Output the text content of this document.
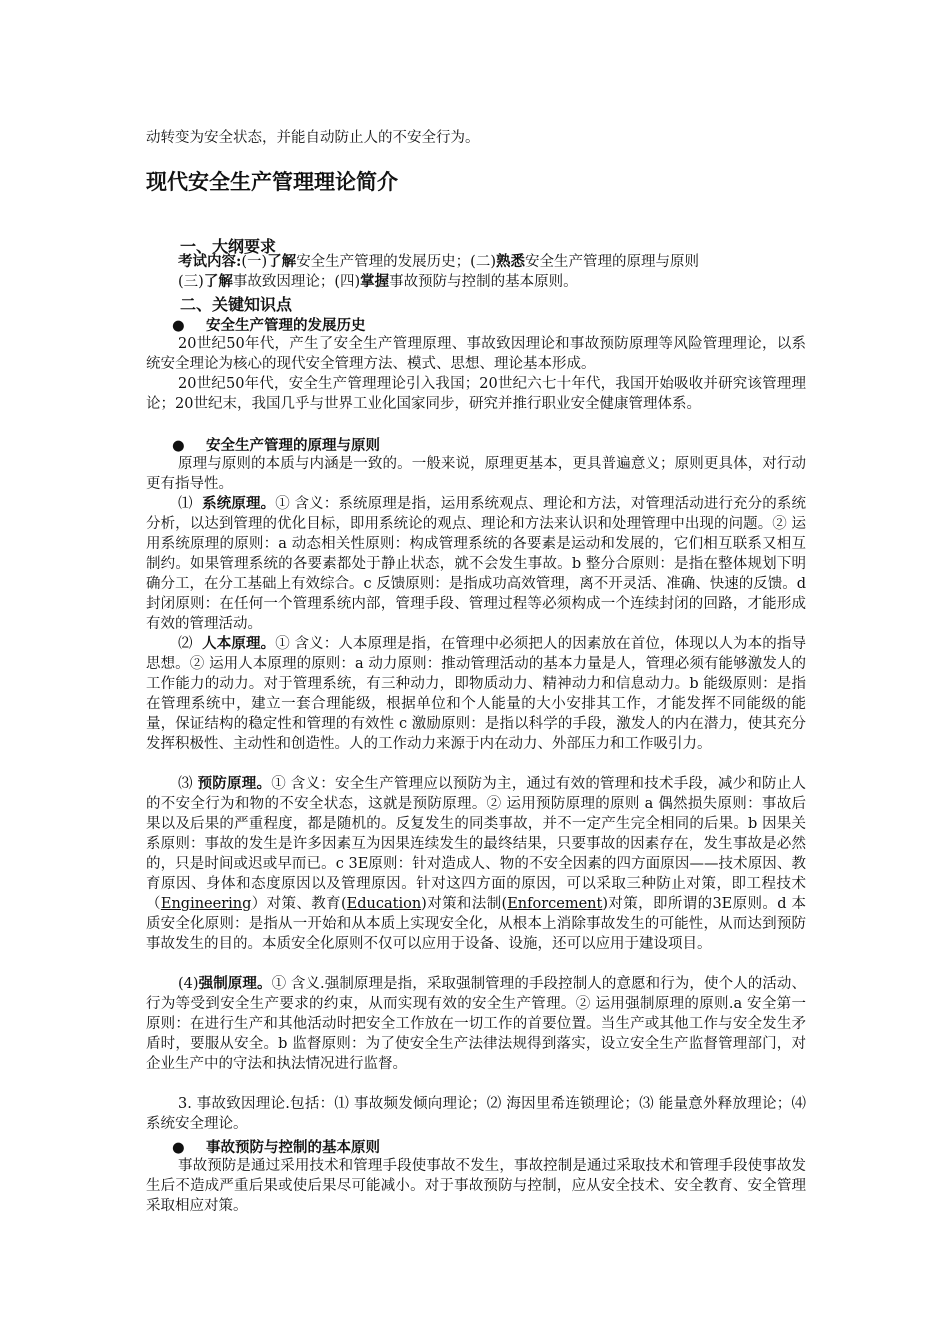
动转变为安全状态，并能自动防止人的不安全行为。
现代安全生产管理理论简介
一、大纲要求
考试内容:(一)了解安全生产管理的发展历史；(二)熟悉安全生产管理的原理与原则
(三)了解事故致因理论；(四)掌握事故预防与控制的基本原则。
二、关键知识点
● 安全生产管理的发展历史
20世纪50年代，产生了安全生产管理原理、事故致因理论和事故预防原理等风险管理理论，以系统安全理论为核心的现代安全管理方法、模式、思想、理论基本形成。
20世纪50年代，安全生产管理理论引入我国；20世纪六七十年代，我国开始吸收并研究该管理理论；20世纪末，我国几乎与世界工业化国家同步，研究并推行职业安全健康管理体系。
● 安全生产管理的原理与原则
原理与原则的本质与内涵是一致的。一般来说，原理更基本，更具普遍意义；原则更具体，对行动更有指导性。
⑴ 系统原理。① 含义：系统原理是指，运用系统观点、理论和方法，对管理活动进行充分的系统分析，以达到管理的优化目标，即用系统论的观点、理论和方法来认识和处理管理中出现的问题。② 运用系统原理的原则：a 动态相关性原则：构成管理系统的各要素是运动和发展的，它们相互联系又相互制约。如果管理系统的各要素都处于静止状态，就不会发生事故。b 整分合原则：是指在整体规划下明确分工，在分工基础上有效综合。c 反馈原则：是指成功高效管理，离不开灵活、准确、快速的反馈。d 封闭原则：在任何一个管理系统内部，管理手段、管理过程等必须构成一个连续封闭的回路，才能形成有效的管理活动。
⑵ 人本原理。① 含义：人本原理是指，在管理中必须把人的因素放在首位，体现以人为本的指导思想。② 运用人本原理的原则：a 动力原则：推动管理活动的基本力量是人，管理必须有能够激发人的工作能力的动力。对于管理系统，有三种动力，即物质动力、精神动力和信息动力。b 能级原则：是指在管理系统中，建立一套合理能级，根据单位和个人能量的大小安排其工作，才能发挥不同能级的能量，保证结构的稳定性和管理的有效性 c 激励原则：是指以科学的手段，激发人的内在潜力，使其充分发挥积极性、主动性和创造性。人的工作动力来源于内在动力、外部压力和工作吸引力。
⑶ 预防原理。① 含义：安全生产管理应以预防为主，通过有效的管理和技术手段，减少和防止人的不安全行为和物的不安全状态，这就是预防原理。② 运用预防原理的原则 a 偶然损失原则：事故后果以及后果的严重程度，都是随机的。反复发生的同类事故，并不一定产生完全相同的后果。b 因果关系原则：事故的发生是许多因素互为因果连续发生的最终结果，只要事故的因素存在，发生事故是必然的，只是时间或迟或早而已。c 3E原则：针对造成人、物的不安全因素的四方面原因——技术原因、教育原因、身体和态度原因以及管理原因。针对这四方面的原因，可以采取三种防止对策，即工程技术（Engineering）对策、教育(Education)对策和法制(Enforcement)对策，即所谓的3E原则。d 本质安全化原则：是指从一开始和从本质上实现安全化，从根本上消除事故发生的可能性，从而达到预防事故发生的目的。本质安全化原则不仅可以应用于设备、设施，还可以应用于建设项目。
(4)强制原理。① 含义.强制原理是指，采取强制管理的手段控制人的意愿和行为，使个人的活动、行为等受到安全生产要求的约束，从而实现有效的安全生产管理。② 运用强制原理的原则.a 安全第一原则：在进行生产和其他活动时把安全工作放在一切工作的首要位置。当生产或其他工作与安全发生矛盾时，要服从安全。b 监督原则：为了使安全生产法律法规得到落实，设立安全生产监督管理部门，对企业生产中的守法和执法情况进行监督。
3. 事故致因理论.包括：⑴ 事故频发倾向理论；⑵ 海因里希连锁理论；⑶ 能量意外释放理论；⑷ 系统安全理论。
● 事故预防与控制的基本原则
事故预防是通过采用技术和管理手段使事故不发生，事故控制是通过采取技术和管理手段使事故发生后不造成严重后果或使后果尽可能减小。对于事故预防与控制，应从安全技术、安全教育、安全管理采取相应对策。
